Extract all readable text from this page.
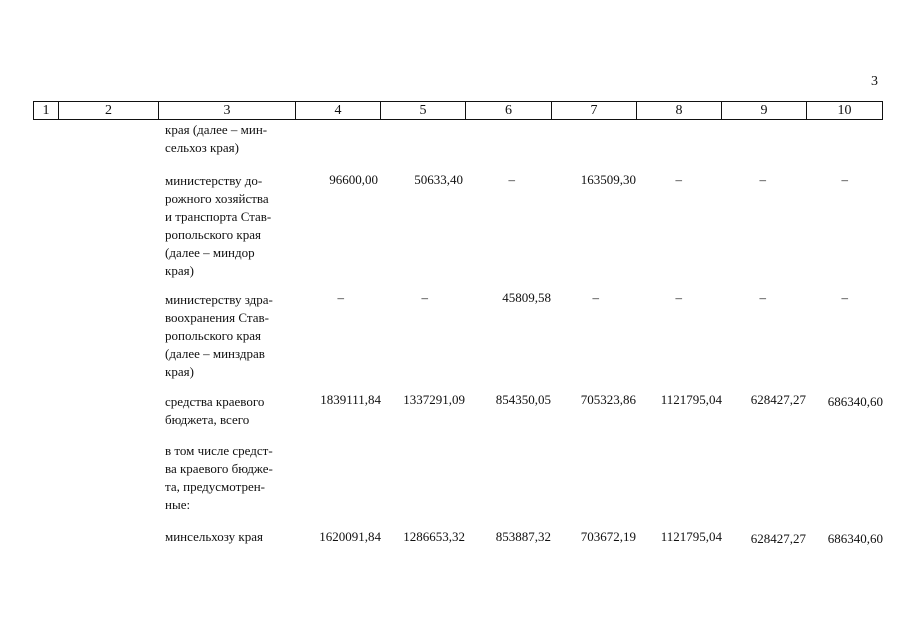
3
1	2	3	4	5	6	7	8	9	10
края (далее – мин-
сельхоз края)
министерству до-
рожного хозяйства
и транспорта Став-
ропольского края
(далее – миндор
края)
96600,00	50633,40	–	163509,30	–	–	–
министерству здра-
воохранения Став-
ропольского края
(далее – минздрав
края)
–	–	45809,58	–	–	–	–
средства краевого
бюджета, всего
1839111,84 1337291,09 854350,05 705323,86 1121795,04 628427,27 686340,60
в том числе средст-
ва краевого бюдже-
та, предусмотрен-
ные:
минсельхозу края	1620091,84 1286653,32 853887,32 703672,19 1121795,04 628427,27 686340,60
